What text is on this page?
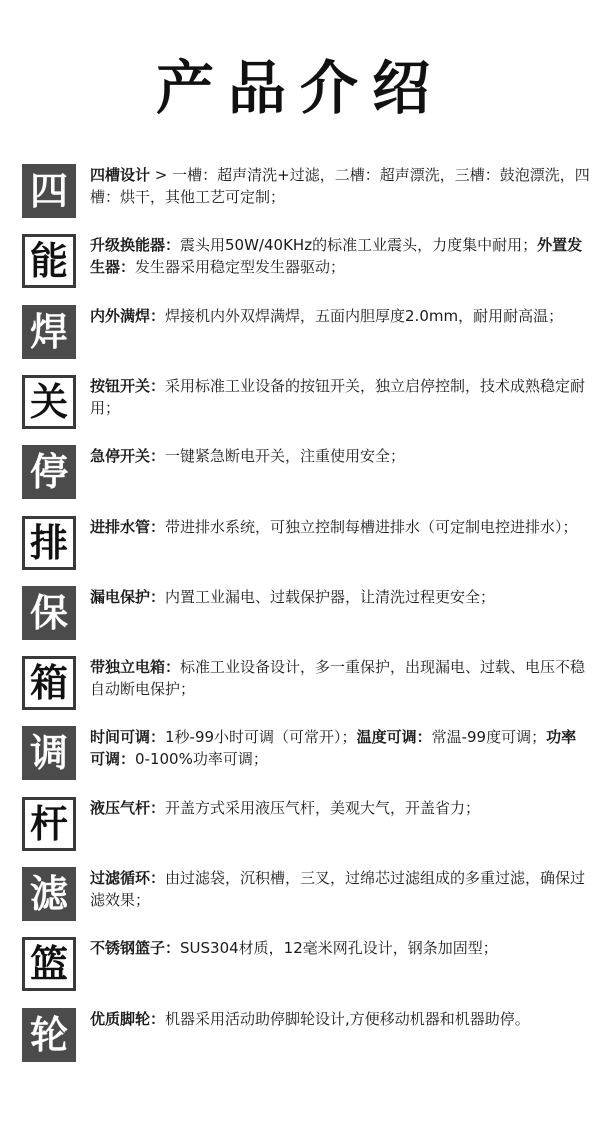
产品介绍
四	四槽设计 > 一槽：超声清洗+过滤，二槽：超声漂洗，三槽：鼓泡漂洗，四槽：烘干，其他工艺可定制；
能	升级换能器：震头用50W/40KHz的标准工业震头，力度集中耐用；外置发生器：发生器采用稳定型发生器驱动；
焊	内外满焊：焊接机内外双焊满焊，五面内胆厚度2.0mm，耐用耐高温；
关	按钮开关：采用标准工业设备的按钮开关，独立启停控制，技术成熟稳定耐用；
停	急停开关：一键紧急断电开关，注重使用安全；
排	进排水管：带进排水系统，可独立控制每槽进排水（可定制电控进排水）；
保	漏电保护：内置工业漏电、过载保护器，让清洗过程更安全；
箱	带独立电箱：标准工业设备设计，多一重保护，出现漏电、过载、电压不稳自动断电保护；
调	时间可调：1秒-99小时可调（可常开）；温度可调：常温-99度可调；功率可调：0-100%功率可调；
杆	液压气杆：开盖方式采用液压气杆，美观大气，开盖省力；
滤	过滤循环：由过滤袋，沉积槽，三叉，过绵芯过滤组成的多重过滤，确保过滤效果；
篮	不锈钢篮子：SUS304材质，12毫米网孔设计，钢条加固型；
轮	优质脚轮：机器采用活动助停脚轮设计,方便移动机器和机器助停。
